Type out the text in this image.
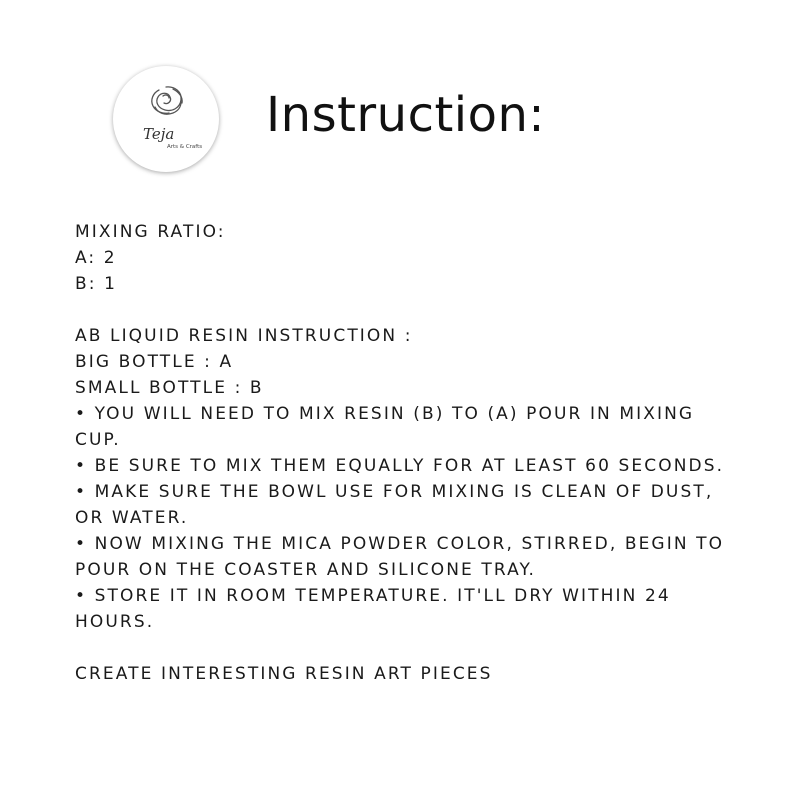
Teja
Arts & Crafts
Instruction:
MIXING RATIO:
A: 2
B: 1
AB LIQUID RESIN INSTRUCTION :
BIG BOTTLE : A
SMALL BOTTLE : B
• YOU WILL NEED TO MIX RESIN (B) TO (A) POUR IN MIXING CUP.
• BE SURE TO MIX THEM EQUALLY FOR AT LEAST 60 SECONDS.
• MAKE SURE THE BOWL USE FOR MIXING IS CLEAN OF DUST, OR WATER.
• NOW MIXING THE MICA POWDER COLOR, STIRRED, BEGIN TO POUR ON THE COASTER AND SILICONE TRAY.
• STORE IT IN ROOM TEMPERATURE. IT'LL DRY WITHIN 24 HOURS.
CREATE INTERESTING RESIN ART PIECES
